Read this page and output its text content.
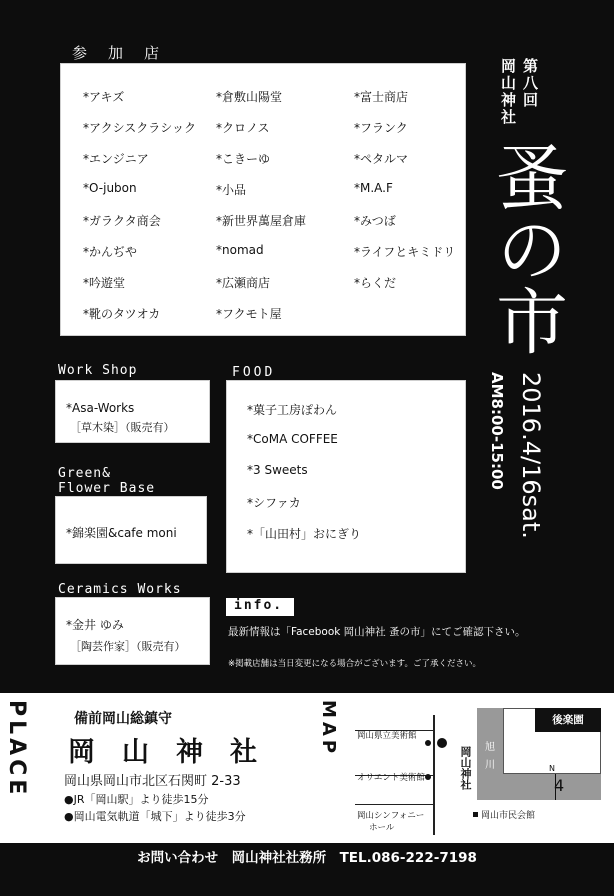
参 加 店
*アキズ
*アクシスクラシック
*エンジニア
*O-jubon
*ガラクタ商会
*かんぢや
*吟遊堂
*靴のタツオカ
*倉敷山陽堂
*クロノス
*こきーゆ
*小品
*新世界萬屋倉庫
*nomad
*広瀬商店
*フクモト屋
*富士商店
*フランク
*ペタルマ
*M.A.F
*みつば
*ライフとキミドリ
*らくだ
第八回
岡山神社
蚤の市
2016.4/16sat.
AM8:00-15:00
Work Shop
*Asa-Works
［草木染］（販売有）
Green&
Flower Base
*錦楽園&cafe moni
Ceramics Works
*金井 ゆみ
［陶芸作家］（販売有）
FOOD
*菓子工房ぽわん
*CoMA COFFEE
*3 Sweets
*シファカ
*「山田村」おにぎり
info.
最新情報は「Facebook 岡山神社 蚤の市」にてご確認下さい。
※掲載店舗は当日変更になる場合がございます。ご了承ください。
PLACE	備前岡山総鎮守
岡　山　神　社
岡山県岡山市北区石関町 2-33
●JR「岡山駅」より徒歩15分
●岡山電気軌道「城下」より徒歩3分
MAP	後楽園
岡山県立美術館
オリエント美術館
岡山シンフォニー
ホール
岡山神社 旭
川	N
4
岡山市民会館
お問い合わせ　岡山神社社務所　TEL.086-222-7198
